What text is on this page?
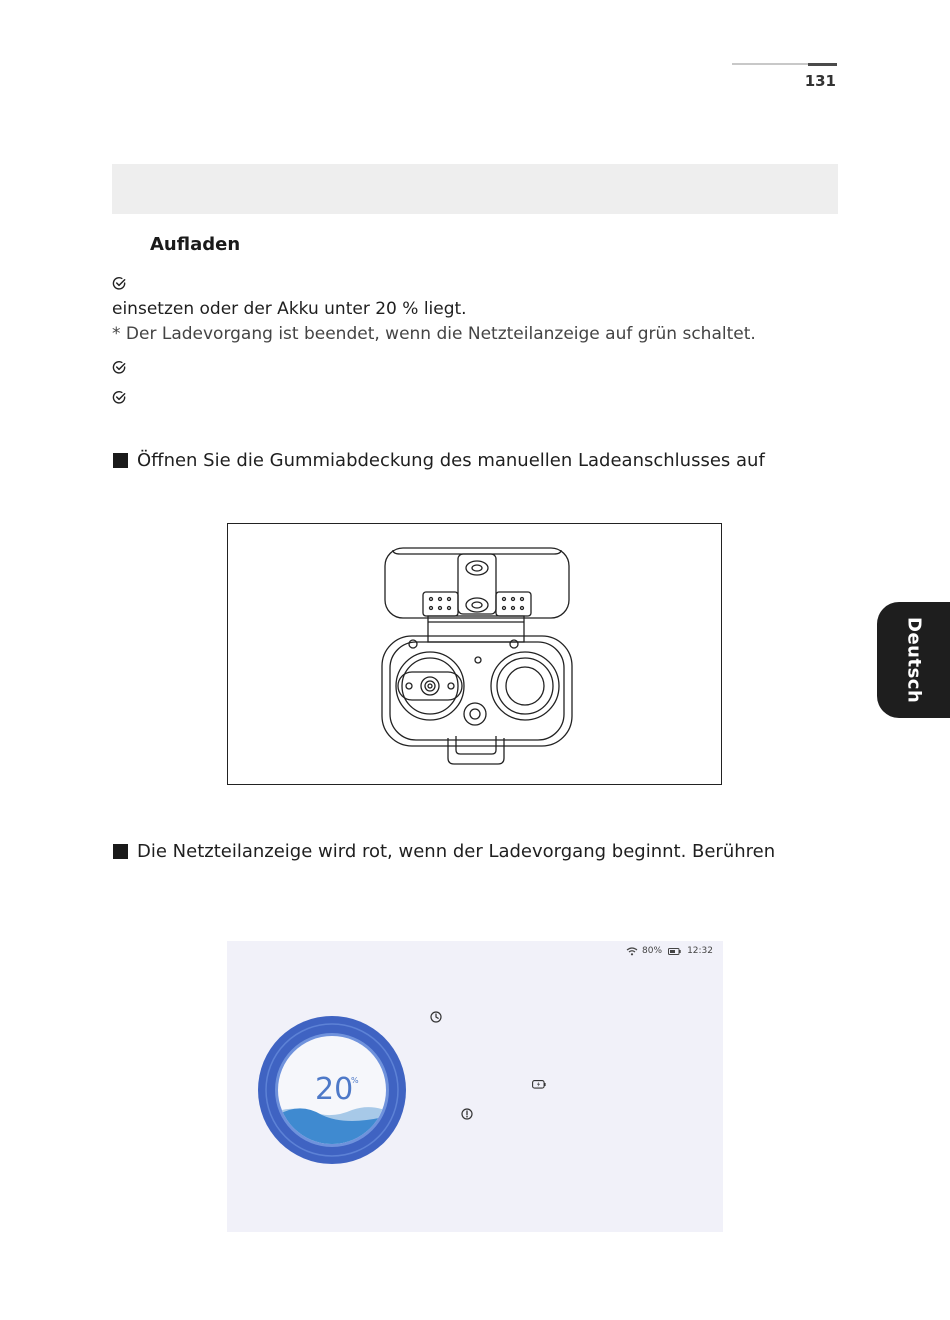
131
Aufladen
einsetzen oder der Akku unter 20 % liegt.
* Der Ladevorgang ist beendet, wenn die Netzteilanzeige auf grün schaltet.
Öffnen Sie die Gummiabdeckung des manuellen Ladeanschlusses auf
Die Netzteilanzeige wird rot, wenn der Ladevorgang beginnt. Berühren
Deutsch
80%	12:32
20
%
